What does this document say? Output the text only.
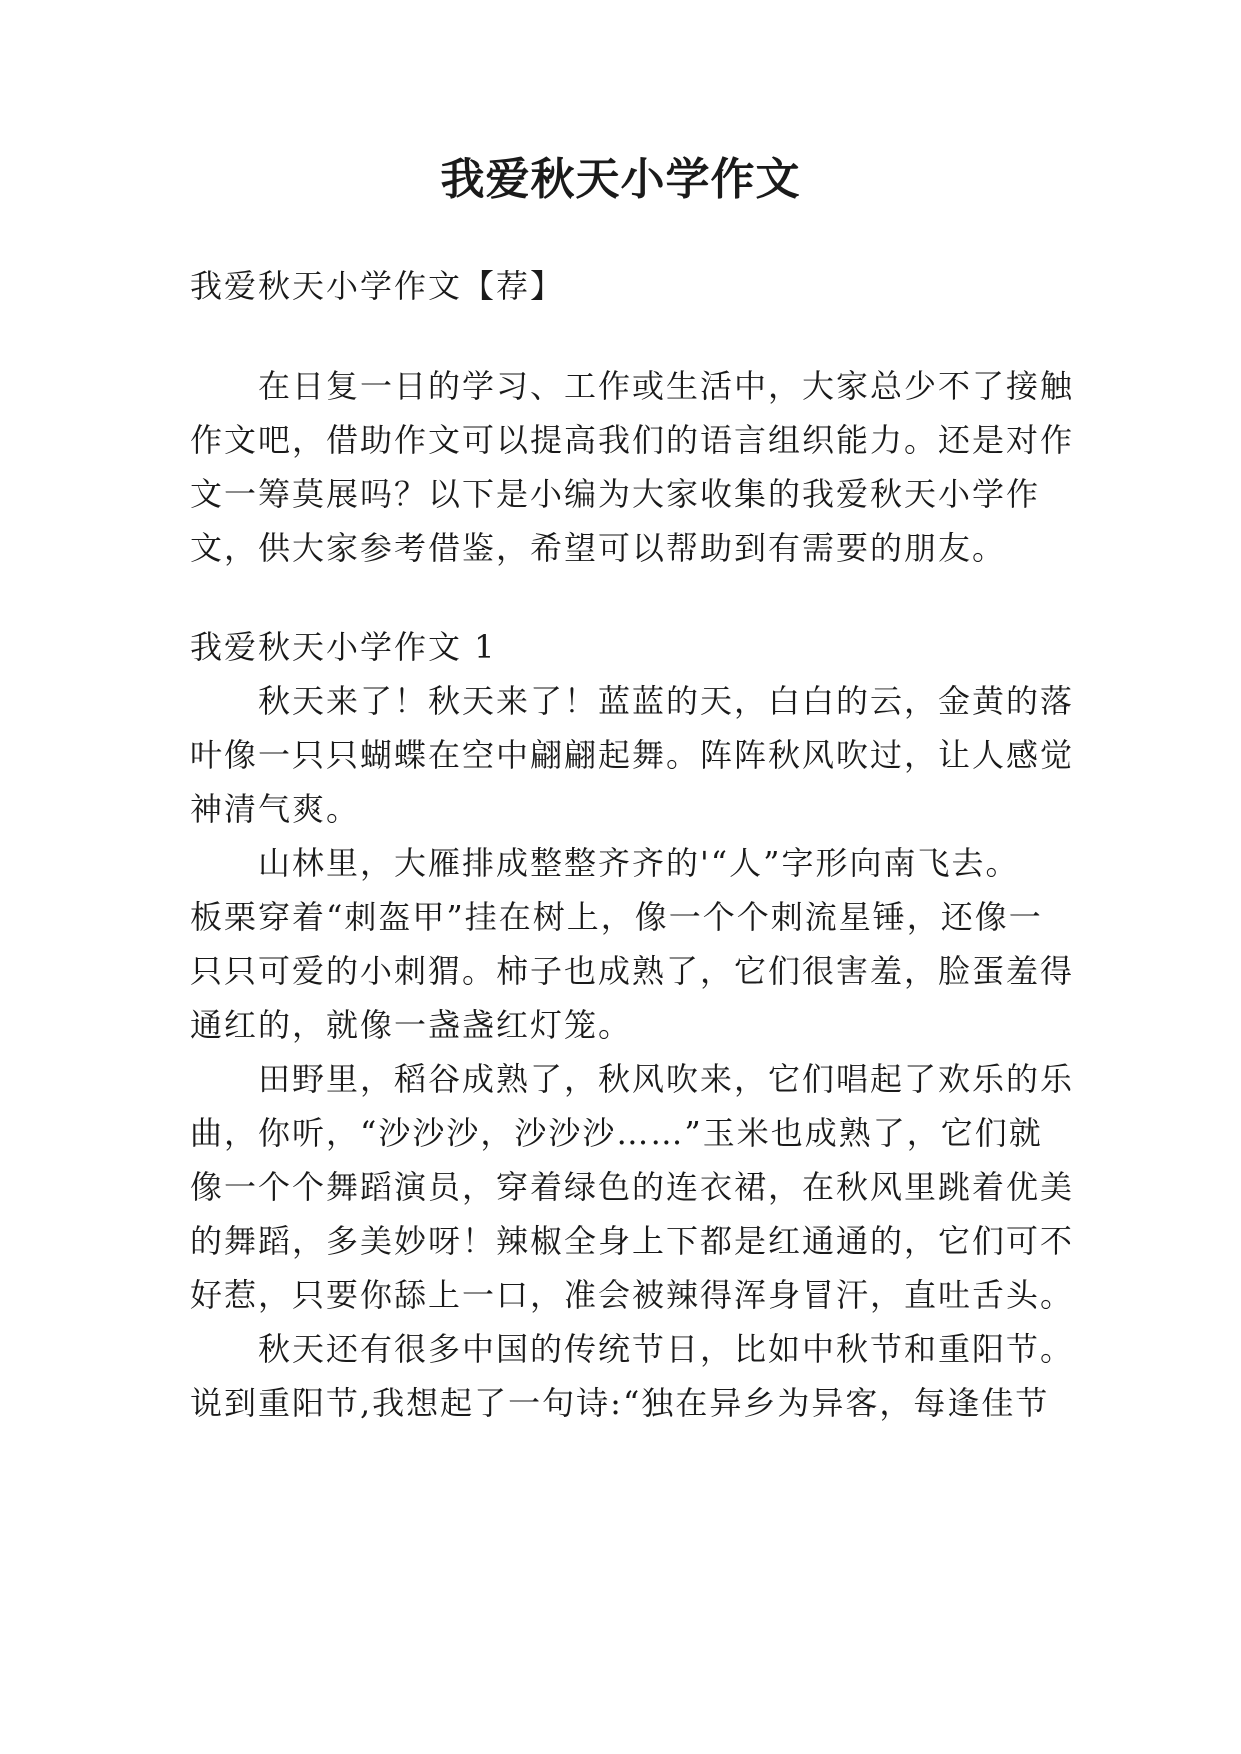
我爱秋天小学作文
我爱秋天小学作文【荐】
　　在日复一日的学习、工作或生活中，大家总少不了接触
作文吧，借助作文可以提高我们的语言组织能力。还是对作
文一筹莫展吗？以下是小编为大家收集的我爱秋天小学作
文，供大家参考借鉴，希望可以帮助到有需要的朋友。
我爱秋天小学作文 1
　　秋天来了！秋天来了！蓝蓝的天，白白的云，金黄的落
叶像一只只蝴蝶在空中翩翩起舞。阵阵秋风吹过，让人感觉
神清气爽。
　　山林里，大雁排成整整齐齐的'“人”字形向南飞去。
板栗穿着“刺盔甲”挂在树上，像一个个刺流星锤，还像一
只只可爱的小刺猬。柿子也成熟了，它们很害羞，脸蛋羞得
通红的，就像一盏盏红灯笼。
　　田野里，稻谷成熟了，秋风吹来，它们唱起了欢乐的乐
曲，你听，“沙沙沙，沙沙沙……”玉米也成熟了，它们就
像一个个舞蹈演员，穿着绿色的连衣裙，在秋风里跳着优美
的舞蹈，多美妙呀！辣椒全身上下都是红通通的，它们可不
好惹，只要你舔上一口，准会被辣得浑身冒汗，直吐舌头。
　　秋天还有很多中国的传统节日，比如中秋节和重阳节。
说到重阳节,我想起了一句诗:“独在异乡为异客，每逢佳节
